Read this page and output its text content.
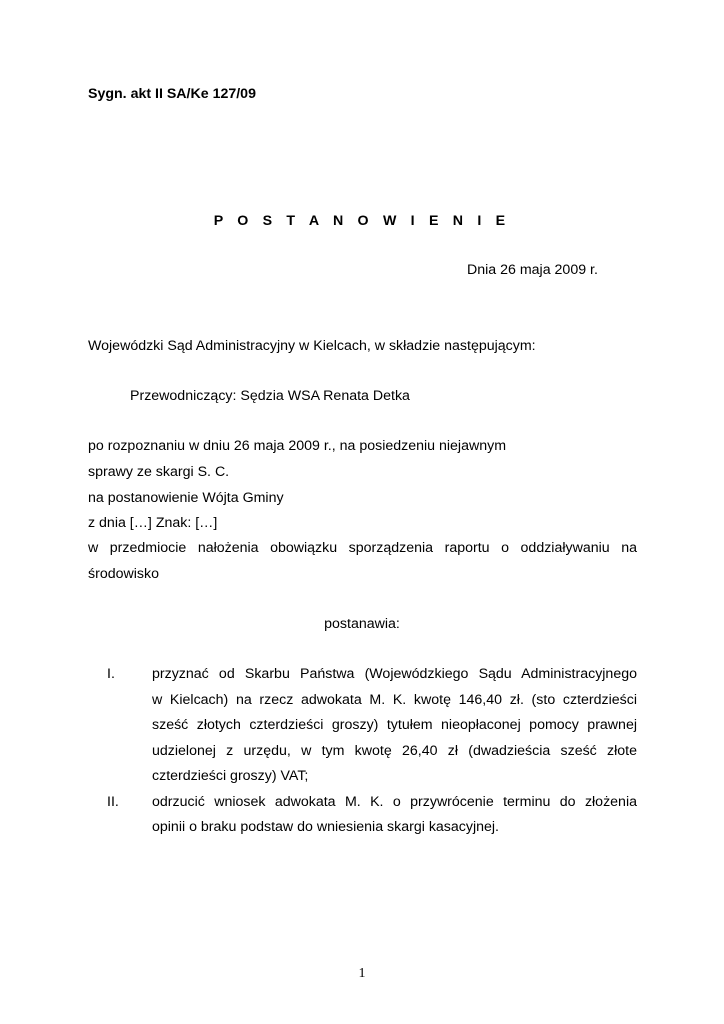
Sygn. akt II SA/Ke 127/09
P O S T A N O W I E N I E
Dnia 26 maja 2009 r.
Wojewódzki Sąd Administracyjny w Kielcach, w składzie następującym:
Przewodniczący: Sędzia WSA Renata Detka
po rozpoznaniu w dniu 26 maja 2009 r., na posiedzeniu niejawnym
sprawy ze skargi S. C.
na postanowienie Wójta Gminy
z dnia […] Znak: […]
w przedmiocie nałożenia obowiązku sporządzenia raportu o oddziaływaniu na
środowisko
postanawia:
I.	przyznać od Skarbu Państwa (Wojewódzkiego Sądu Administracyjnego
w Kielcach) na rzecz adwokata M. K. kwotę 146,40 zł. (sto czterdzieści
sześć złotych czterdzieści groszy) tytułem nieopłaconej pomocy prawnej
udzielonej z urzędu, w tym kwotę 26,40 zł (dwadzieścia sześć złote
czterdzieści groszy) VAT;
II. odrzucić wniosek adwokata M. K. o przywrócenie terminu do złożenia
opinii o braku podstaw do wniesienia skargi kasacyjnej.
1
